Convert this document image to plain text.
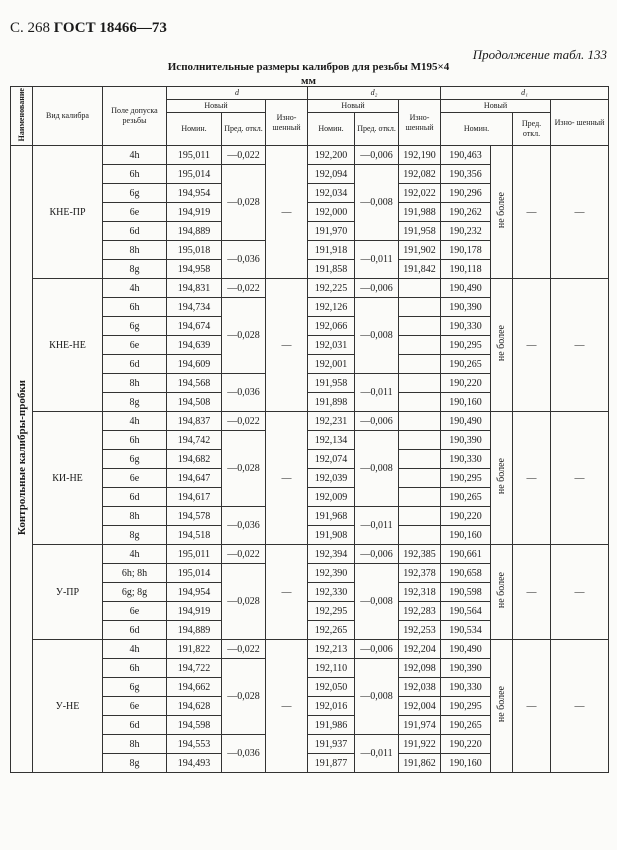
С. 268 ГОСТ 18466—73
Продолжение табл. 133
Исполнительные размеры калибров для резьбы М195×4
мм
Наименование	Вид калибра	Поле допуска резьбы	d			d₂			d₁			
			Новый		Изно- шенный	Новый		Изно- шенный	Новый			Изно- шенный
			Номин.	Пред. откл.		Номин.	Пред. откл.		Номин.		Пред. откл.	
Контрольные калибры-пробки	КНЕ-ПР	4h	195,011	—0,022	—	192,200	—0,006	192,190	190,463	не более	—	—
		6h	195,014	—0,028		192,094	—0,008	192,082	190,356			
		6g	194,954			192,034		192,022	190,296			
		6e	194,919			192,000		191,988	190,262			
		6d	194,889			191,970		191,958	190,232			
		8h	195,018	—0,036		191,918	—0,011	191,902	190,178			
		8g	194,958			191,858		191,842	190,118			
	КНЕ-НЕ	4h	194,831	—0,022	—	192,225	—0,006		190,490	не более	—	—
		6h	194,734	—0,028		192,126	—0,008		190,390			
		6g	194,674			192,066			190,330			
		6e	194,639			192,031			190,295			
		6d	194,609			192,001			190,265			
		8h	194,568	—0,036		191,958	—0,011		190,220			
		8g	194,508			191,898			190,160			
	КИ-НЕ	4h	194,837	—0,022	—	192,231	—0,006		190,490	не более	—	—
		6h	194,742	—0,028		192,134	—0,008		190,390			
		6g	194,682			192,074			190,330			
		6e	194,647			192,039			190,295			
		6d	194,617			192,009			190,265			
		8h	194,578	—0,036		191,968	—0,011		190,220			
		8g	194,518			191,908			190,160			
	У-ПР	4h	195,011	—0,022	—	192,394	—0,006	192,385	190,661	не более	—	—
		6h; 8h	195,014	—0,028		192,390	—0,008	192,378	190,658			
		6g; 8g	194,954			192,330		192,318	190,598			
		6e	194,919			192,295		192,283	190,564			
		6d	194,889			192,265		192,253	190,534			
	У-НЕ	4h	191,822	—0,022	—	192,213	—0,006	192,204	190,490	не более	—	—
		6h	194,722	—0,028		192,110	—0,008	192,098	190,390			
		6g	194,662			192,050		192,038	190,330			
		6e	194,628			192,016		192,004	190,295			
		6d	194,598			191,986		191,974	190,265			
		8h	194,553	—0,036		191,937	—0,011	191,922	190,220			
		8g	194,493			191,877		191,862	190,160			
